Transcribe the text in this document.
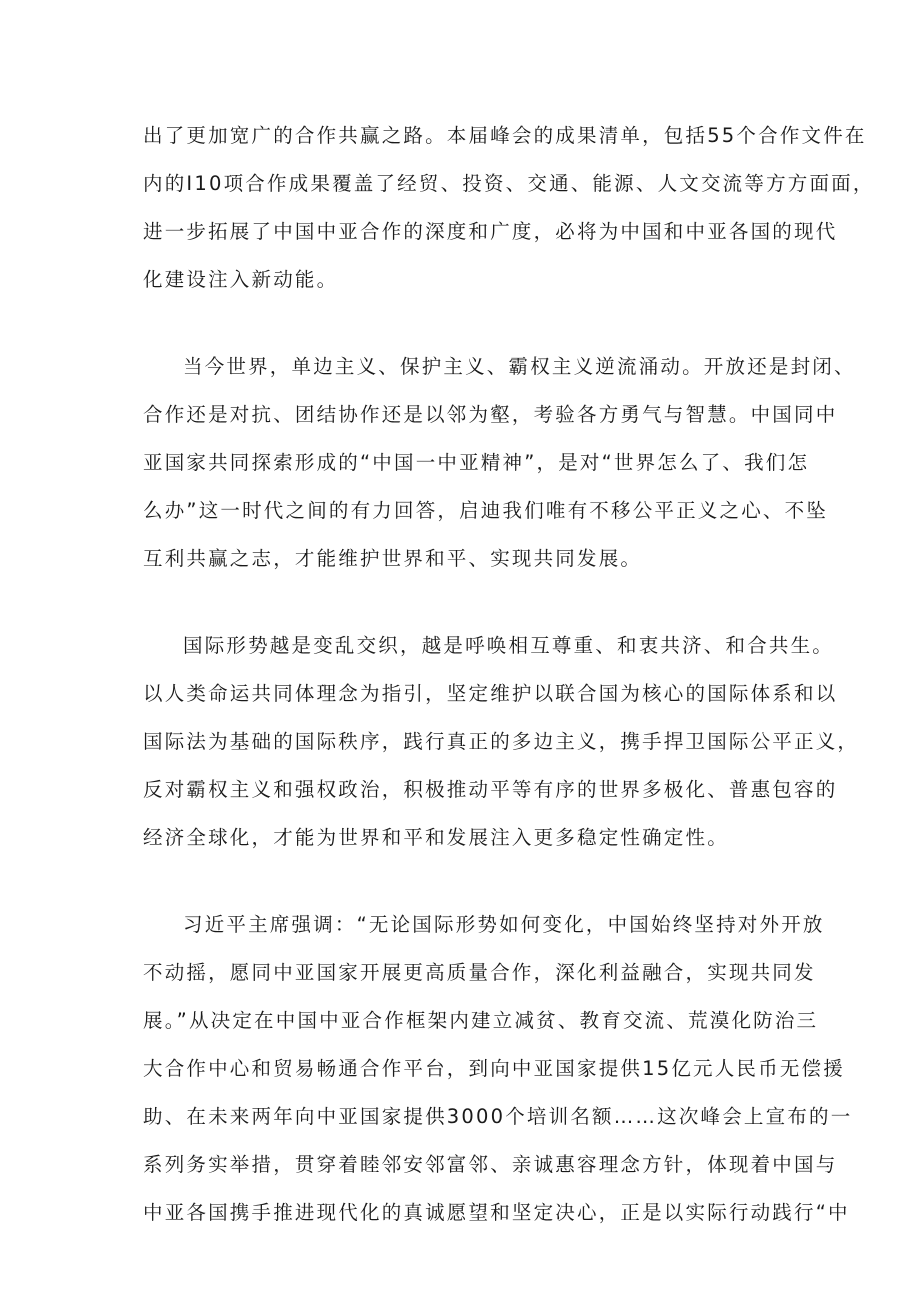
出了更加宽广的合作共赢之路。本届峰会的成果清单，包括55个合作文件在
内的I10项合作成果覆盖了经贸、投资、交通、能源、人文交流等方方面面，
进一步拓展了中国中亚合作的深度和广度，必将为中国和中亚各国的现代
化建设注入新动能。
当今世界，单边主义、保护主义、霸权主义逆流涌动。开放还是封闭、
合作还是对抗、团结协作还是以邻为壑，考验各方勇气与智慧。中国同中
亚国家共同探索形成的“中国一中亚精神”，是对“世界怎么了、我们怎
么办”这一时代之间的有力回答，启迪我们唯有不移公平正义之心、不坠
互利共赢之志，才能维护世界和平、实现共同发展。
国际形势越是变乱交织，越是呼唤相互尊重、和衷共济、和合共生。
以人类命运共同体理念为指引，坚定维护以联合国为核心的国际体系和以
国际法为基础的国际秩序，践行真正的多边主义，携手捍卫国际公平正义，
反对霸权主义和强权政治，积极推动平等有序的世界多极化、普惠包容的
经济全球化，才能为世界和平和发展注入更多稳定性确定性。
习近平主席强调：“无论国际形势如何变化，中国始终坚持对外开放
不动摇，愿同中亚国家开展更高质量合作，深化利益融合，实现共同发
展。”从决定在中国中亚合作框架内建立减贫、教育交流、荒漠化防治三
大合作中心和贸易畅通合作平台，到向中亚国家提供15亿元人民币无偿援
助、在未来两年向中亚国家提供3000个培训名额……这次峰会上宣布的一
系列务实举措，贯穿着睦邻安邻富邻、亲诚惠容理念方针，体现着中国与
中亚各国携手推进现代化的真诚愿望和坚定决心，正是以实际行动践行“中
